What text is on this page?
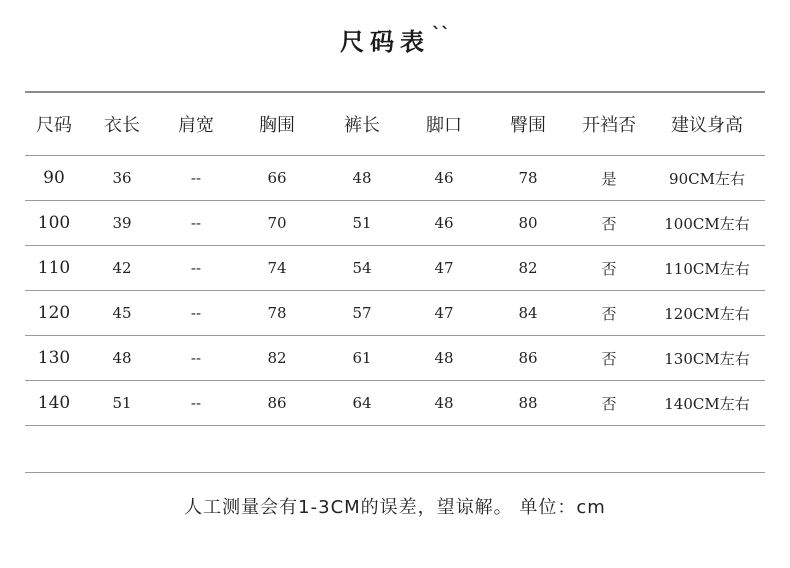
尺码表 ``
尺码	衣长	肩宽	胸围	裤长	脚口	臀围	开裆否	建议身高
90	36	--	66	48	46	78	是	90CM左右
100	39	--	70	51	46	80	否	100CM左右
110	42	--	74	54	47	82	否	110CM左右
120	45	--	78	57	47	84	否	120CM左右
130	48	--	82	61	48	86	否	130CM左右
140	51	--	86	64	48	88	否	140CM左右
人工测量会有1-3CM的误差，望谅解。 单位：cm
